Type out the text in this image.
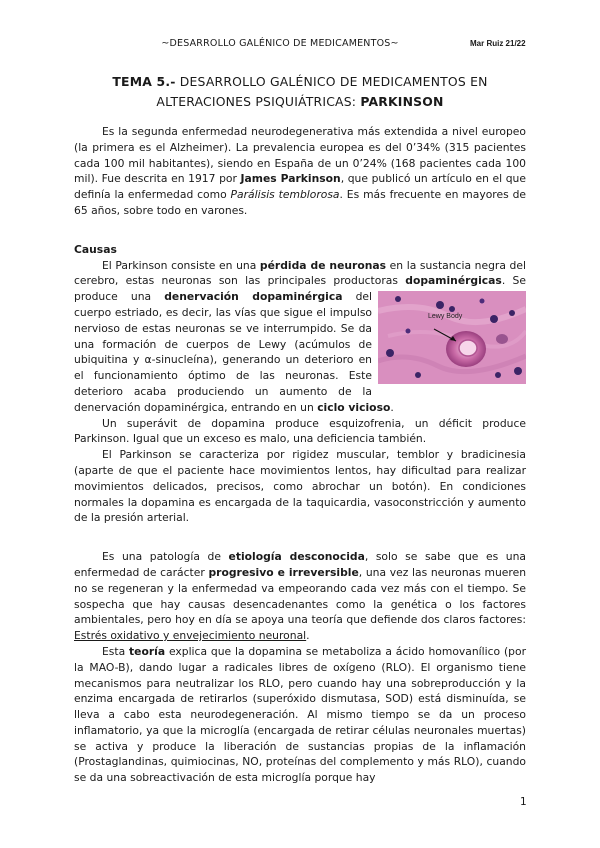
~DESARROLLO GALÉNICO DE MEDICAMENTOS~	Mar Ruiz 21/22
TEMA 5.- DESARROLLO GALÉNICO DE MEDICAMENTOS EN
ALTERACIONES PSIQUIÁTRICAS: PARKINSON

Es la segunda enfermedad neurodegenerativa más extendida a nivel europeo (la primera es el Alzheimer). La prevalencia europea es del 0’34% (315 pacientes cada 100 mil habitantes), siendo en España de un 0’24% (168 pacientes cada 100 mil). Fue descrita en 1917 por James Parkinson, que publicó un artículo en el que definía la enfermedad como Parálisis temblorosa. Es más frecuente en mayores de 65 años, sobre todo en varones.

Causas

El Parkinson consiste en una pérdida de neuronas en la sustancia negra del cerebro, estas neuronas son las principales productoras dopaminérgicas. Se produce una denervación dopaminérgica
Lewy Body
del cuerpo estriado, es decir, las vías que sigue el impulso nervioso de estas neuronas se ve interrumpido. Se da una formación de cuerpos de Lewy (acúmulos de ubiquitina y α-sinucleína), generando un deterioro en el funcionamiento óptimo de las neuronas. Este deterioro acaba produciendo un aumento de la denervación dopaminérgica, entrando en un ciclo vicioso.

Un superávit de dopamina produce esquizofrenia, un déficit produce Parkinson. Igual que un exceso es malo, una deficiencia también.

El Parkinson se caracteriza por rigidez muscular, temblor y bradicinesia (aparte de que el paciente hace movimientos lentos, hay dificultad para realizar movimientos delicados, precisos, como abrochar un botón). En condiciones normales la dopamina es encargada de la taquicardia, vasoconstricción y aumento de la presión arterial.

Es una patología de etiología desconocida, solo se sabe que es una enfermedad de carácter progresivo e irreversible, una vez las neuronas mueren no se regeneran y la enfermedad va empeorando cada vez más con el tiempo. Se sospecha que hay causas desencadenantes como la genética o los factores ambientales, pero hoy en día se apoya una teoría que defiende dos claros factores: Estrés oxidativo y envejecimiento neuronal.

Esta teoría explica que la dopamina se metaboliza a ácido homovanílico (por la MAO-B), dando lugar a radicales libres de oxígeno (RLO). El organismo tiene mecanismos para neutralizar los RLO, pero cuando hay una sobreproducción y la enzima encargada de retirarlos (superóxido dismutasa, SOD) está disminuída, se lleva a cabo esta neurodegeneración. Al mismo tiempo se da un proceso inflamatorio, ya que la microglía (encargada de retirar células neuronales muertas) se activa y produce la liberación de sustancias propias de la inflamación (Prostaglandinas, quimiocinas, NO, proteínas del complemento y más RLO), cuando se da una sobreactivación de esta microglía porque hay

1
